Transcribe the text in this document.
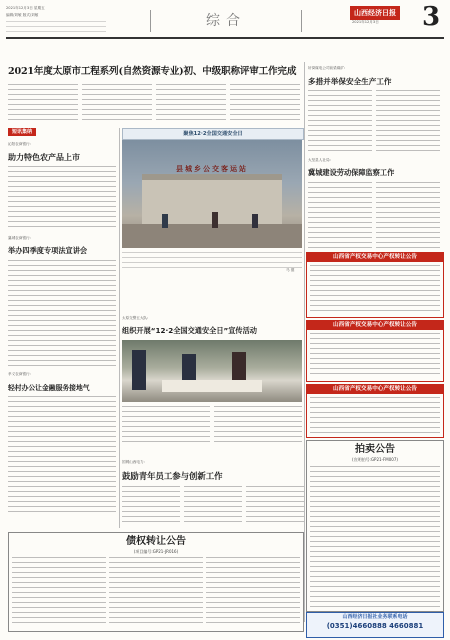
2021年12月3日 星期五
编辑/刘敏 版式/刘敏	综合	山西经济日报
2021年12月3日 3
2021年度太原市工程系列(自然资源专业)初、中级职称评审工作完成
短讯集纳
沁阳农商银行:
助力特色农产品上市
襄城农商银行:
举办四季度专项法宣讲会
孝义农商银行:
轻村办公让金融服务接地气
聚焦12·2全国交通安全日
县城乡公交客运站
马 德
太原交警五大队:
组织开展“12·2全国交通安全日”宣传活动
国网山西电力:
鼓励青年员工参与创新工作
轩岗煤电公司前梁煤矿:
多措并举保安全生产工作
大坚县人社局:
冀城建设劳动保障监察工作
山西省产权交易中心产权转让公告
山西省产权交易中心产权转让公告
山西省产权交易中心产权转让公告
拍卖公告
(宣明拍号:GP21-FM007)
债权转让公告
(项目编号:GP21-JR016)
山西经济日报社业务联系电话
(0351)4660888 4660881
